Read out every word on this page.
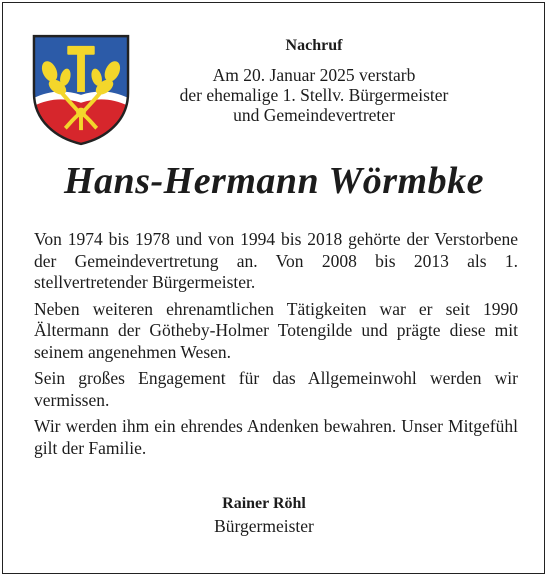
Nachruf

Am 20. Januar 2025 verstarb

der ehemalige 1. Stellv. Bürgermeister

und Gemeindevertreter

Hans-Hermann Wörmbke

Von 1974 bis 1978 und von 1994 bis 2018 gehörte der Verstorbene der Gemeindevertretung an. Von 2008 bis 2013 als 1. stellvertretender Bürgermeister.

Neben weiteren ehrenamtlichen Tätigkeiten war er seit 1990 Ältermann der Götheby-Holmer Totengilde und prägte diese mit seinem angenehmen Wesen.

Sein großes Engagement für das Allgemeinwohl werden wir vermissen.

Wir werden ihm ein ehrendes Andenken bewahren. Unser Mitgefühl gilt der Familie.

Rainer Röhl

Bürgermeister
